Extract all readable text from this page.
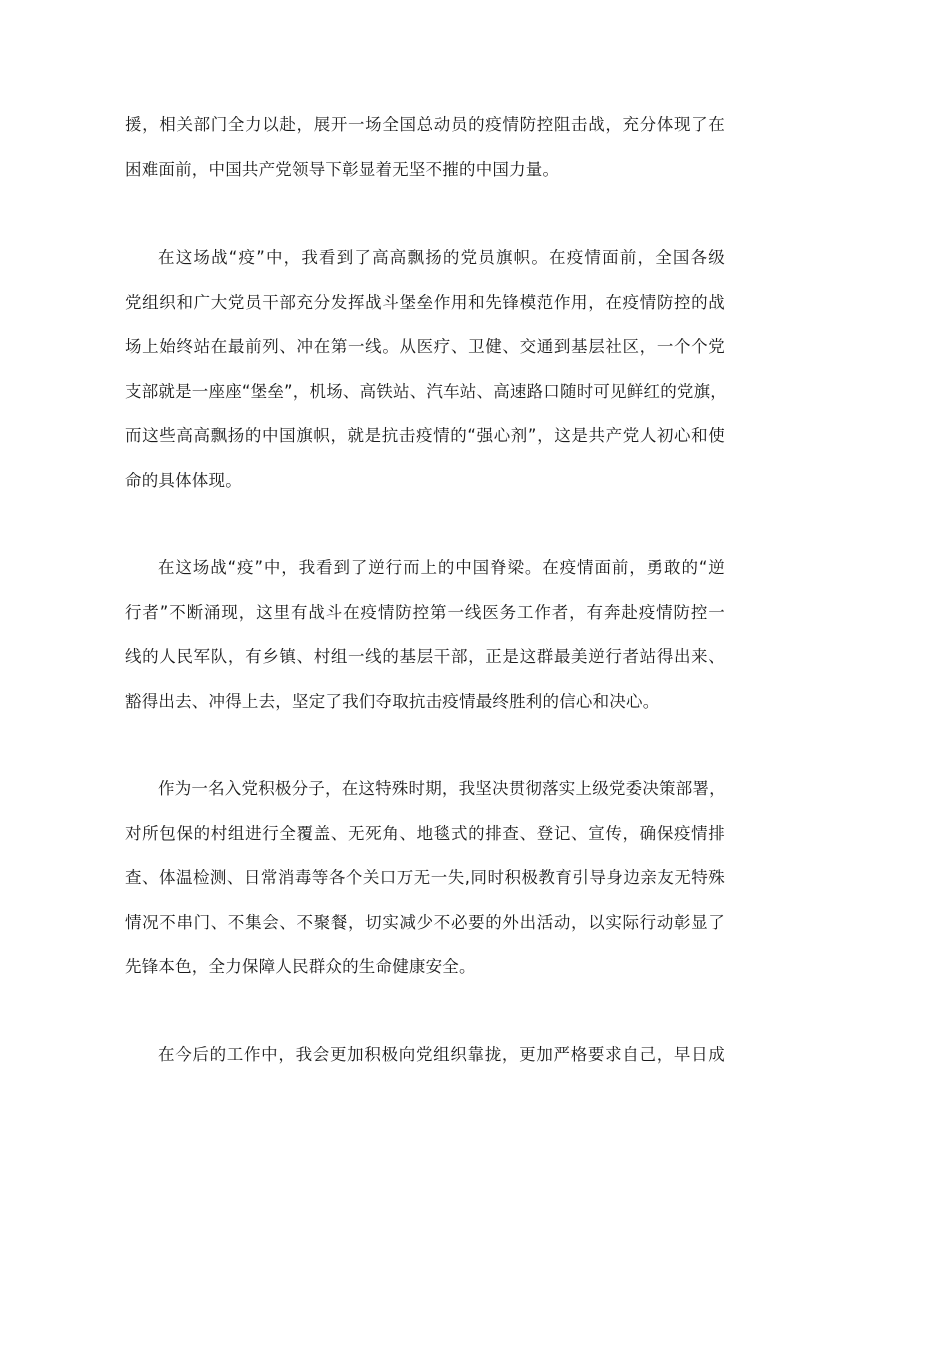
援，相关部门全力以赴，展开一场全国总动员的疫情防控阻击战，充分体现了在
困难面前，中国共产党领导下彰显着无坚不摧的中国力量。

在这场战“疫”中，我看到了高高飘扬的党员旗帜。在疫情面前，全国各级
党组织和广大党员干部充分发挥战斗堡垒作用和先锋模范作用，在疫情防控的战
场上始终站在最前列、冲在第一线。从医疗、卫健、交通到基层社区，一个个党
支部就是一座座“堡垒”，机场、高铁站、汽车站、高速路口随时可见鲜红的党旗，
而这些高高飘扬的中国旗帜，就是抗击疫情的“强心剂”，这是共产党人初心和使
命的具体体现。

在这场战“疫”中，我看到了逆行而上的中国脊梁。在疫情面前，勇敢的“逆
行者”不断涌现，这里有战斗在疫情防控第一线医务工作者，有奔赴疫情防控一
线的人民军队，有乡镇、村组一线的基层干部，正是这群最美逆行者站得出来、
豁得出去、冲得上去，坚定了我们夺取抗击疫情最终胜利的信心和决心。

作为一名入党积极分子，在这特殊时期，我坚决贯彻落实上级党委决策部署，
对所包保的村组进行全覆盖、无死角、地毯式的排查、登记、宣传，确保疫情排
查、体温检测、日常消毒等各个关口万无一失,同时积极教育引导身边亲友无特殊
情况不串门、不集会、不聚餐，切实减少不必要的外出活动，以实际行动彰显了
先锋本色，全力保障人民群众的生命健康安全。

在今后的工作中，我会更加积极向党组织靠拢，更加严格要求自己，早日成
